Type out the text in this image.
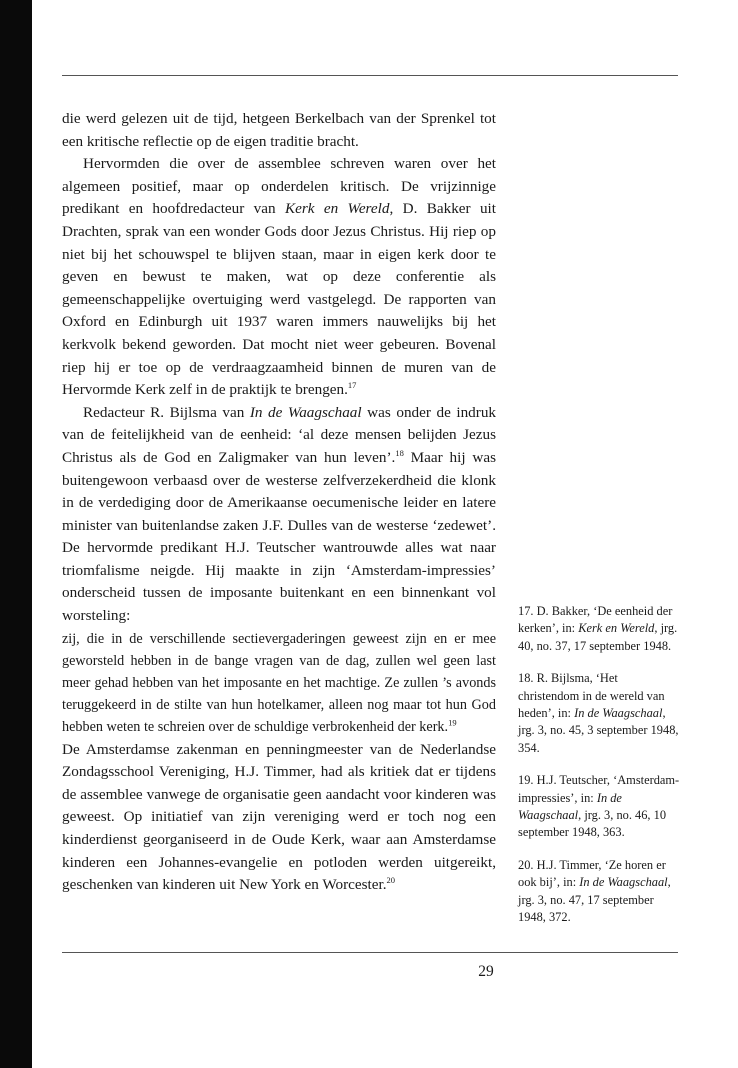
die werd gelezen uit de tijd, hetgeen Berkelbach van der Sprenkel tot een kritische reflectie op de eigen traditie bracht.

Hervormden die over de assemblee schreven waren over het algemeen positief, maar op onderdelen kritisch. De vrijzinnige predikant en hoofdredacteur van Kerk en Wereld, D. Bakker uit Drachten, sprak van een wonder Gods door Jezus Christus. Hij riep op niet bij het schouwspel te blijven staan, maar in eigen kerk door te geven en bewust te maken, wat op deze conferentie als gemeenschappelijke overtuiging werd vastgelegd. De rapporten van Oxford en Edinburgh uit 1937 waren immers nauwelijks bij het kerkvolk bekend geworden. Dat mocht niet weer gebeuren. Bovenal riep hij er toe op de verdraagzaamheid binnen de muren van de Hervormde Kerk zelf in de praktijk te brengen.$^{17}$

Redacteur R. Bijlsma van In de Waagschaal was onder de indruk van de feitelijkheid van de eenheid: ‘al deze mensen belijden Jezus Christus als de God en Zaligmaker van hun leven’.$^{18}$ Maar hij was buitengewoon verbaasd over de westerse zelfverzekerdheid die klonk in de verdediging door de Amerikaanse oecumenische leider en latere minister van buitenlandse zaken J.F. Dulles van de westerse ‘zedewet’. De hervormde predikant H.J. Teutscher wantrouwde alles wat naar triomfalisme neigde. Hij maakte in zijn ‘Amsterdam-impressies’ onderscheid tussen de imposante buitenkant en een binnenkant vol worsteling:

zij, die in de verschillende sectievergaderingen geweest zijn en er mee geworsteld hebben in de bange vragen van de dag, zullen wel geen last meer gehad hebben van het imposante en het machtige. Ze zullen ’s avonds teruggekeerd in de stilte van hun hotelkamer, alleen nog maar tot hun God hebben weten te schreien over de schuldige verbrokenheid der kerk.$^{19}$

De Amsterdamse zakenman en penningmeester van de Nederlandse Zondagsschool Vereniging, H.J. Timmer, had als kritiek dat er tijdens de assemblee vanwege de organisatie geen aandacht voor kinderen was geweest. Op initiatief van zijn vereniging werd er toch nog een kinderdienst georganiseerd in de Oude Kerk, waar aan Amsterdamse kinderen een Johannes-evangelie en potloden werden uitgereikt, geschenken van kinderen uit New York en Worcester.$^{20}$

17. D. Bakker, ‘De eenheid der kerken’, in: Kerk en Wereld, jrg. 40, no. 37, 17 september 1948.

18. R. Bijlsma, ‘Het christendom in de wereld van heden’, in: In de Waagschaal, jrg. 3, no. 45, 3 september 1948, 354.

19. H.J. Teutscher, ‘Amsterdam-impressies’, in: In de Waagschaal, jrg. 3, no. 46, 10 september 1948, 363.

20. H.J. Timmer, ‘Ze horen er ook bij’, in: In de Waagschaal, jrg. 3, no. 47, 17 september 1948, 372.

29
